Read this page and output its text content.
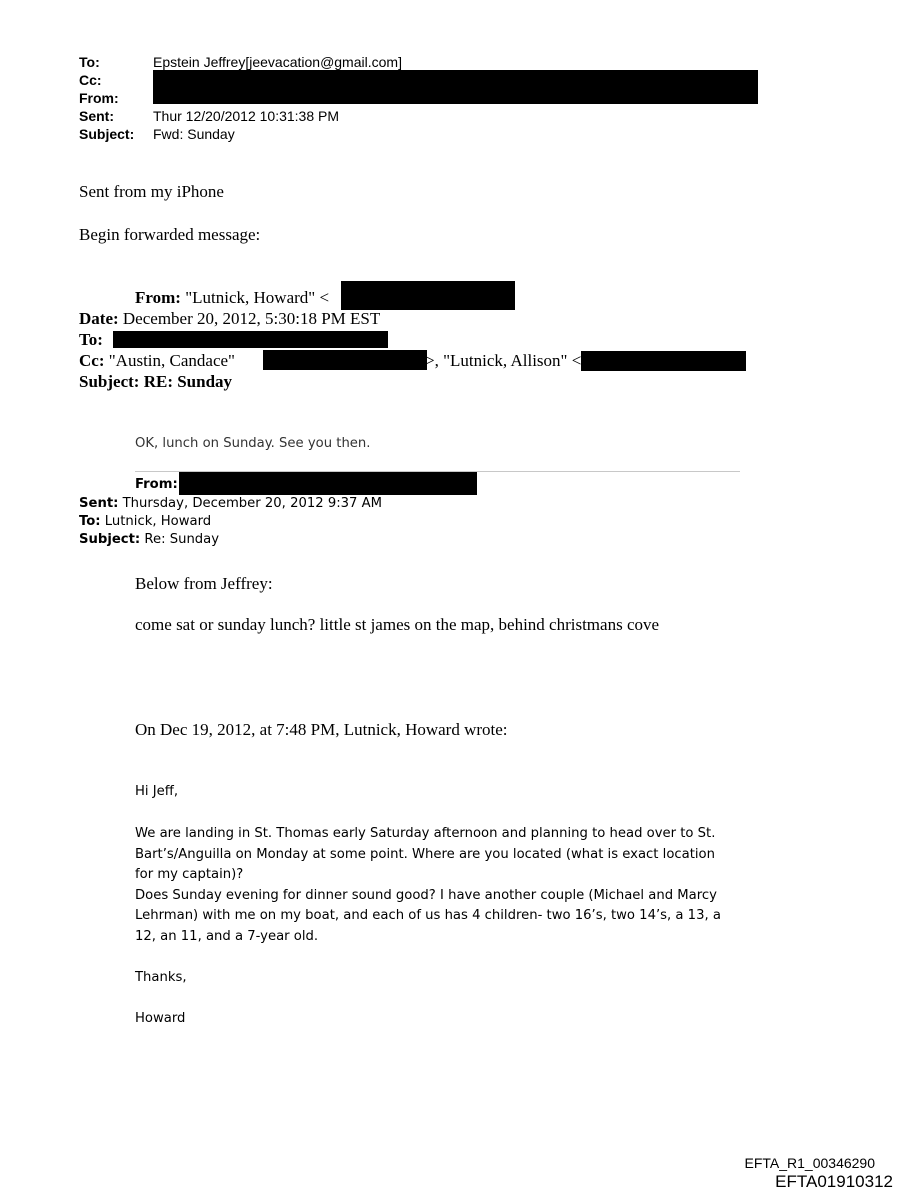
To:	Epstein Jeffrey[jeevacation@gmail.com]
Cc:
From:
Sent:	Thur 12/20/2012 10:31:38 PM
Subject: Fwd: Sunday
Sent from my iPhone
Begin forwarded message:
From: "Lutnick, Howard" <
Date: December 20, 2012, 5:30:18 PM EST
To:
Cc: "Austin, Candace"	>, "Lutnick, Allison" <
Subject: RE: Sunday
OK, lunch on Sunday. See you then.
From:
Sent: Thursday, December 20, 2012 9:37 AM
To: Lutnick, Howard
Subject: Re: Sunday
Below from Jeffrey:
come sat or sunday lunch? little st james on the map, behind christmans cove
On Dec 19, 2012, at 7:48 PM, Lutnick, Howard wrote:
Hi Jeff,
We are landing in St. Thomas early Saturday afternoon and planning to head over to St.
Bart’s/Anguilla on Monday at some point. Where are you located (what is exact location
for my captain)?
Does Sunday evening for dinner sound good? I have another couple (Michael and Marcy
Lehrman) with me on my boat, and each of us has 4 children- two 16’s, two 14’s, a 13, a
12, an 11, and a 7-year old.
Thanks,
Howard
EFTA_R1_00346290
EFTA01910312
